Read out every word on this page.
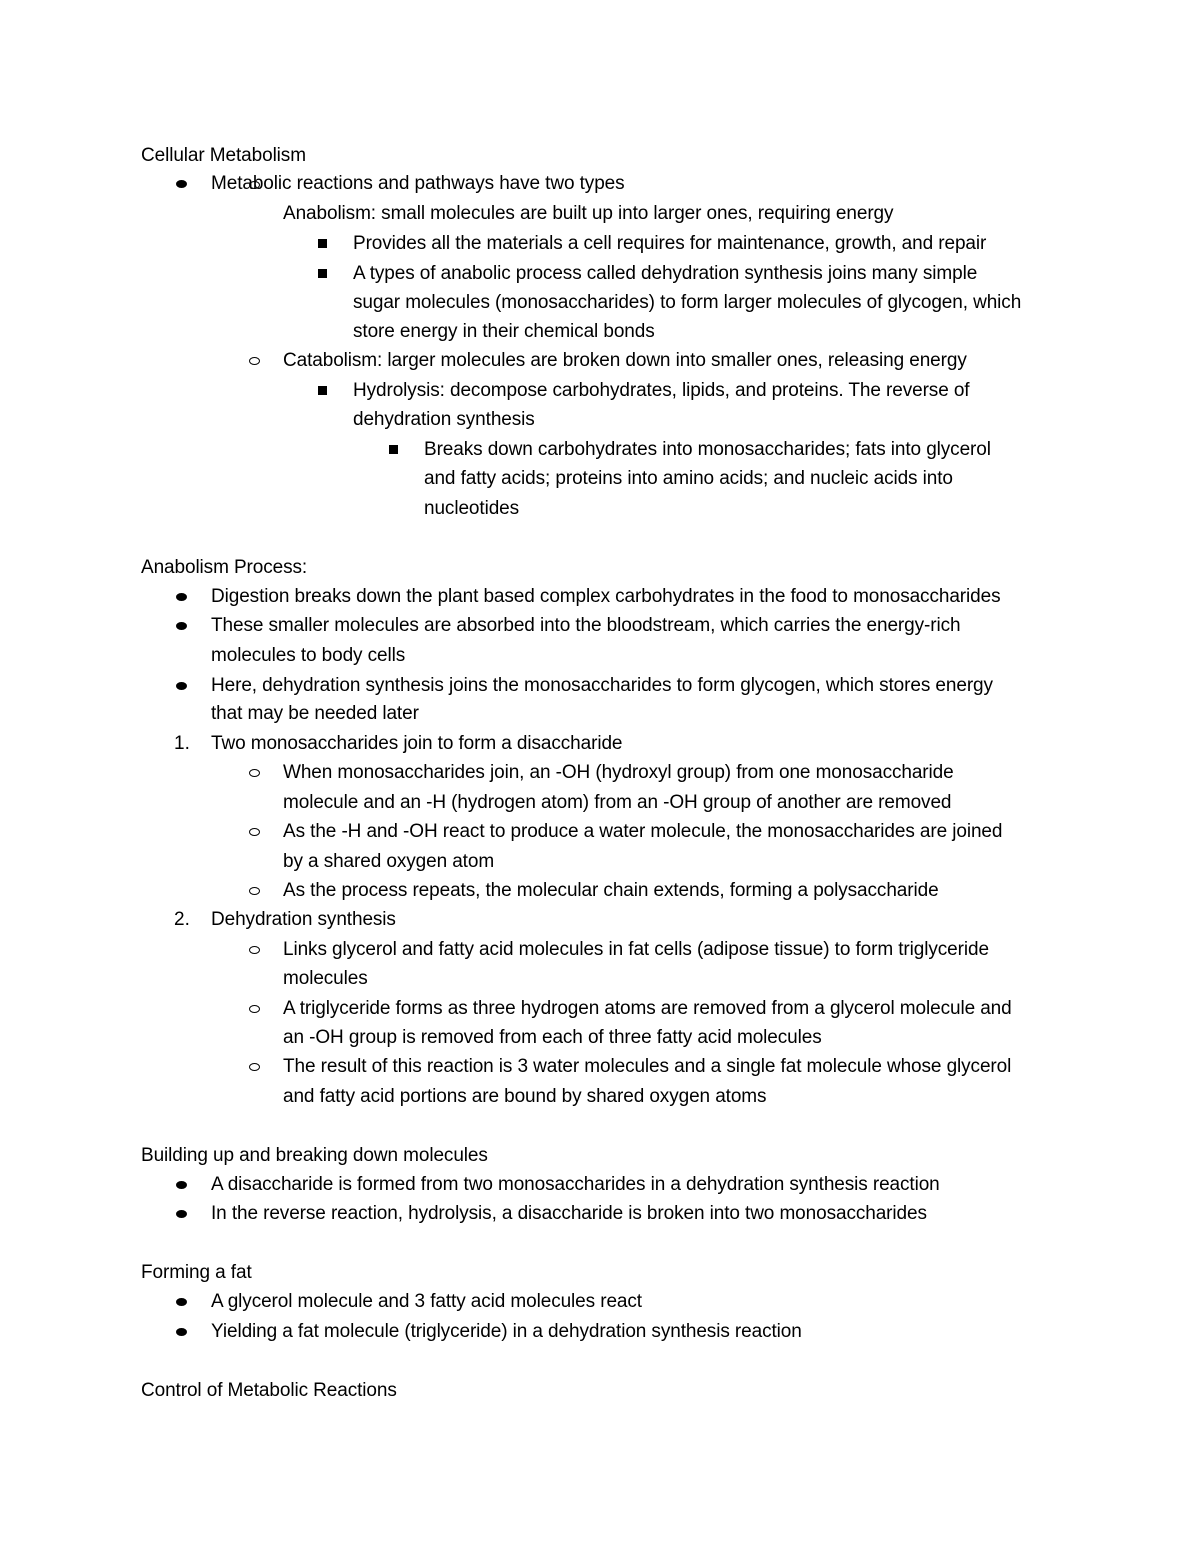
Cellular Metabolism
Metabolic reactions and pathways have two types
Anabolism: small molecules are built up into larger ones, requiring energy
Provides all the materials a cell requires for maintenance, growth, and repair
A types of anabolic process called dehydration synthesis joins many simple
sugar molecules (monosaccharides) to form larger molecules of glycogen, which
store energy in their chemical bonds
Catabolism: larger molecules are broken down into smaller ones, releasing energy
Hydrolysis: decompose carbohydrates, lipids, and proteins. The reverse of
dehydration synthesis
Breaks down carbohydrates into monosaccharides; fats into glycerol
and fatty acids; proteins into amino acids; and nucleic acids into
nucleotides
Anabolism Process:
Digestion breaks down the plant based complex carbohydrates in the food to monosaccharides
These smaller molecules are absorbed into the bloodstream, which carries the energy-rich
molecules to body cells
Here, dehydration synthesis joins the monosaccharides to form glycogen, which stores energy
that may be needed later
1. Two monosaccharides join to form a disaccharide
When monosaccharides join, an -OH (hydroxyl group) from one monosaccharide
molecule and an -H (hydrogen atom) from an -OH group of another are removed
As the -H and -OH react to produce a water molecule, the monosaccharides are joined
by a shared oxygen atom
As the process repeats, the molecular chain extends, forming a polysaccharide
2. Dehydration synthesis
Links glycerol and fatty acid molecules in fat cells (adipose tissue) to form triglyceride
molecules
A triglyceride forms as three hydrogen atoms are removed from a glycerol molecule and
an -OH group is removed from each of three fatty acid molecules
The result of this reaction is 3 water molecules and a single fat molecule whose glycerol
and fatty acid portions are bound by shared oxygen atoms
Building up and breaking down molecules
A disaccharide is formed from two monosaccharides in a dehydration synthesis reaction
In the reverse reaction, hydrolysis, a disaccharide is broken into two monosaccharides
Forming a fat
A glycerol molecule and 3 fatty acid molecules react
Yielding a fat molecule (triglyceride) in a dehydration synthesis reaction
Control of Metabolic Reactions
